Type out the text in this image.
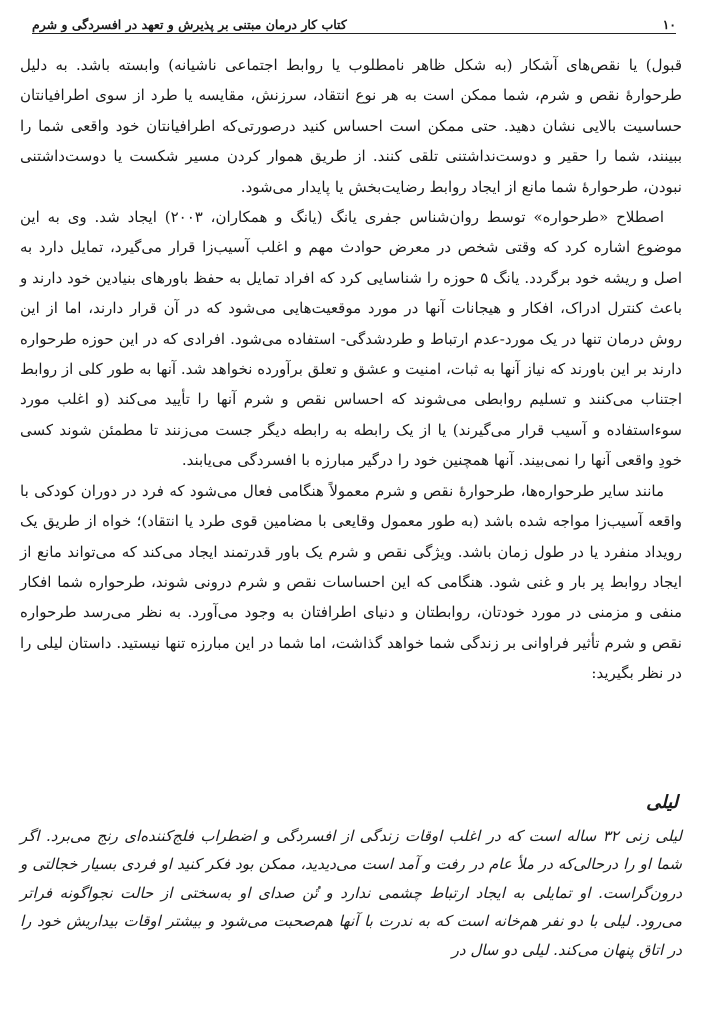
۱۰
کتاب کار درمان مبتنی بر پذیرش و تعهد در افسردگی و شرم

قبول) یا نقص‌های آشکار (به شکل ظاهر نامطلوب یا روابط اجتماعی ناشیانه) وابسته باشد. به دلیل طرحوارهٔ نقص و شرم، شما ممکن است به هر نوع انتقاد، سرزنش، مقایسه یا طرد از سوی اطرافیانتان حساسیت بالایی نشان دهید. حتی ممکن است احساس کنید درصورتی‌که اطرافیانتان خود واقعی شما را ببینند، شما را حقیر و دوست‌نداشتنی تلقی کنند. از طریق هموار کردن مسیر شکست یا دوست‌داشتنی نبودن، طرحوارهٔ شما مانع از ایجاد روابط رضایت‌بخش یا پایدار می‌شود.

اصطلاح «طرحواره» توسط روان‌شناس جفری یانگ (یانگ و همکاران، ۲۰۰۳) ایجاد شد. وی به این موضوع اشاره کرد که وقتی شخص در معرض حوادث مهم و اغلب آسیب‌زا قرار می‌گیرد، تمایل دارد به اصل و ریشه خود برگردد. یانگ ۵ حوزه را شناسایی کرد که افراد تمایل به حفظ باورهای بنیادین خود دارند و باعث کنترل ادراک، افکار و هیجانات آنها در مورد موقعیت‌هایی می‌شود که در آن قرار دارند، اما از این روش درمان تنها در یک مورد-عدم ارتباط و طردشدگی- استفاده می‌شود. افرادی که در این حوزه طرحواره دارند بر این باورند که نیاز آنها به ثبات، امنیت و عشق و تعلق برآورده نخواهد شد. آنها به طور کلی از روابط اجتناب می‌کنند و تسلیم روابطی می‌شوند که احساس نقص و شرم آنها را تأیید می‌کند (و اغلب مورد سوءاستفاده و آسیب قرار می‌گیرند) یا از یک رابطه به رابطه دیگر جست می‌زنند تا مطمئن شوند کسی خودِ واقعی آنها را نمی‌بیند. آنها همچنین خود را درگیر مبارزه با افسردگی می‌یابند.

مانند سایر طرحواره‌ها، طرحوارهٔ نقص و شرم معمولاً هنگامی فعال می‌شود که فرد در دوران کودکی با واقعه آسیب‌زا مواجه شده باشد (به طور معمول وقایعی با مضامین قوی طرد یا انتقاد)؛ خواه از طریق یک رویداد منفرد یا در طول زمان باشد. ویژگی نقص و شرم یک باور قدرتمند ایجاد می‌کند که می‌تواند مانع از ایجاد روابط پر بار و غنی شود. هنگامی که این احساسات نقص و شرم درونی شوند، طرحواره شما افکار منفی و مزمنی در مورد خودتان، روابطتان و دنیای اطرافتان به وجود می‌آورد. به نظر می‌رسد طرحواره نقص و شرم تأثیر فراوانی بر زندگی شما خواهد گذاشت، اما شما در این مبارزه تنها نیستید. داستان لیلی را در نظر بگیرید:

لیلی
لیلی زنی ۳۲ ساله است که در اغلب اوقات زندگی از افسردگی و اضطراب فلج‌کننده‌ای رنج می‌برد. اگر شما او را درحالی‌که در ملأ عام در رفت و آمد است می‌دیدید، ممکن بود فکر کنید او فردی بسیار خجالتی و درون‌گراست. او تمایلی به ایجاد ارتباط چشمی ندارد و تُن صدای او به‌سختی از حالت نجواگونه فراتر می‌رود. لیلی با دو نفر هم‌خانه است که به ندرت با آنها هم‌صحبت می‌شود و بیشتر اوقات بیداریش خود را در اتاق پنهان می‌کند. لیلی دو سال در
